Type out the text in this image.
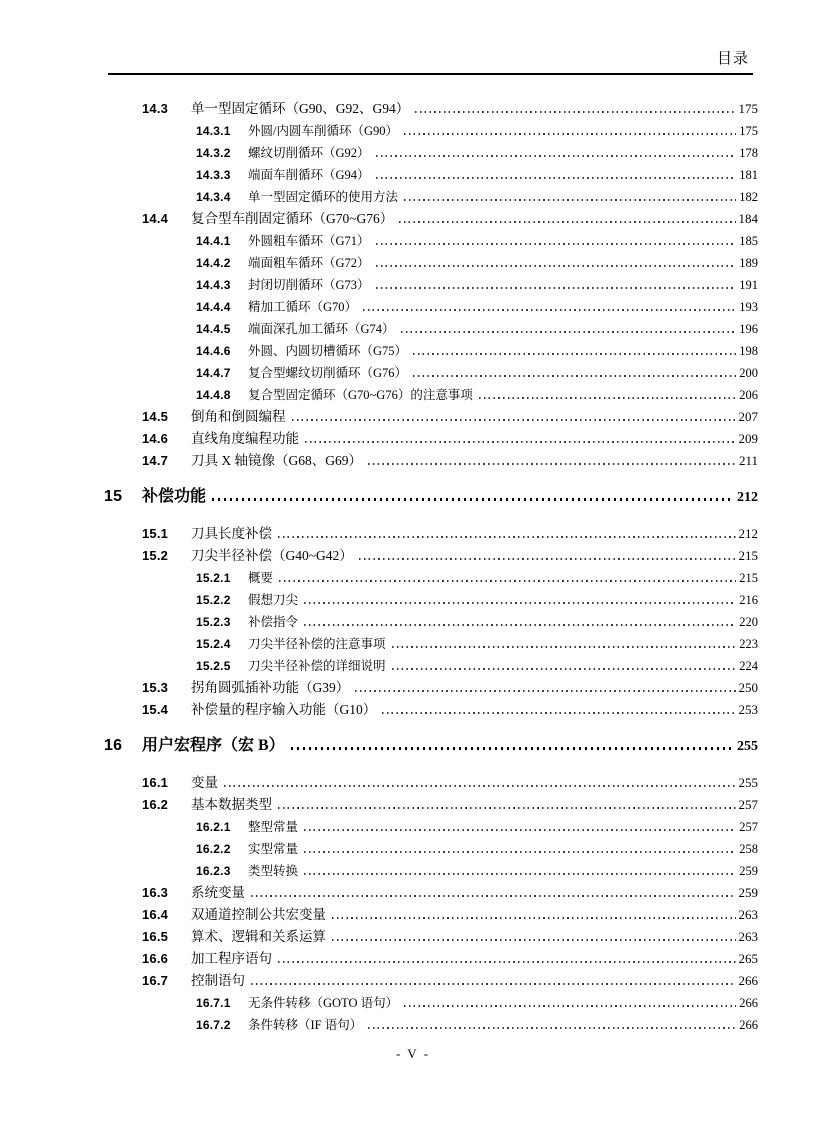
目录
14.3	单一型固定循环（G90、G92、G94）	175
14.3.1	外圆/内圆车削循环（G90）	175
14.3.2	螺纹切削循环（G92）	178
14.3.3	端面车削循环（G94）	181
14.3.4	单一型固定循环的使用方法	182
14.4	复合型车削固定循环（G70~G76）	184
14.4.1	外圆粗车循环（G71）	185
14.4.2	端面粗车循环（G72）	189
14.4.3	封闭切削循环（G73）	191
14.4.4	精加工循环（G70）	193
14.4.5	端面深孔加工循环（G74）	196
14.4.6	外圆、内圆切槽循环（G75）	198
14.4.7	复合型螺纹切削循环（G76）	200
14.4.8	复合型固定循环（G70~G76）的注意事项	206
14.5	倒角和倒圆编程	207
14.6	直线角度编程功能	209
14.7	刀具 X 轴镜像（G68、G69）	211
15	补偿功能	212
15.1	刀具长度补偿	212
15.2	刀尖半径补偿（G40~G42）	215
15.2.1	概要	215
15.2.2	假想刀尖	216
15.2.3	补偿指令	220
15.2.4	刀尖半径补偿的注意事项	223
15.2.5	刀尖半径补偿的详细说明	224
15.3	拐角圆弧插补功能（G39）	250
15.4	补偿量的程序输入功能（G10）	253
16	用户宏程序（宏 B）	255
16.1	变量	255
16.2	基本数据类型	257
16.2.1	整型常量	257
16.2.2	实型常量	258
16.2.3	类型转换	259
16.3	系统变量	259
16.4	双通道控制公共宏变量	263
16.5	算术、逻辑和关系运算	263
16.6	加工程序语句	265
16.7	控制语句	266
16.7.1	无条件转移（GOTO 语句）	266
16.7.2	条件转移（IF 语句）	266
- V -
